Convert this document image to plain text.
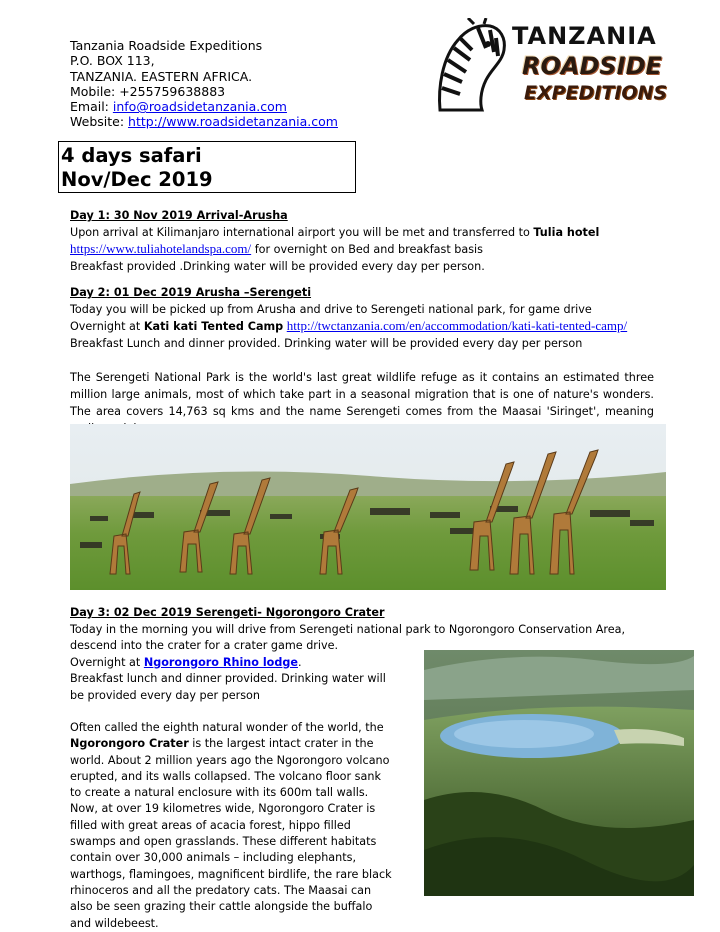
Tanzania Roadside Expeditions
P.O. BOX 113,
TANZANIA. EASTERN AFRICA.
Mobile: +255759638883
Email: info@roadsidetanzania.com
Website: http://www.roadsidetanzania.com
TANZANIA
ROADSIDE
EXPEDITIONS
4 days safari
Nov/Dec 2019
Day 1: 30 Nov 2019 Arrival-Arusha
Upon arrival at Kilimanjaro international airport you will be met and transferred to Tulia hotel
https://www.tuliahotelandspa.com/ for overnight on Bed and breakfast basis
Breakfast provided .Drinking water will be provided every day per person.
Day 2: 01 Dec 2019 Arusha –Serengeti
Today you will be picked up from Arusha and drive to Serengeti national park, for game drive
Overnight at Kati kati Tented Camp http://twctanzania.com/en/accommodation/kati-kati-tented-camp/
Breakfast Lunch and dinner provided. Drinking water will be provided every day per person
The Serengeti National Park is the world's last great wildlife refuge as it contains an estimated three million large animals, most of which take part in a seasonal migration that is one of nature's wonders. The area covers 14,763 sq kms and the name Serengeti comes from the Maasai 'Siringet', meaning
Day 3: 02 Dec 2019 Serengeti- Ngorongoro Crater
Today in the morning you will drive from Serengeti national park to Ngorongoro Conservation Area,
descend into the crater for a crater game drive.
Overnight at Ngorongoro Rhino lodge.
Breakfast lunch and dinner provided. Drinking water will be provided every day per person
Often called the eighth natural wonder of the world, the Ngorongoro Crater is the largest intact crater in the world. About 2 million years ago the Ngorongoro volcano erupted, and its walls collapsed. The volcano floor sank to create a natural enclosure with its 600m tall walls. Now, at over 19 kilometres wide, Ngorongoro Crater is filled with great areas of acacia forest, hippo filled swamps and open grasslands. These different habitats contain over 30,000 animals – including elephants, warthogs, flamingoes, magnificent birdlife, the rare black rhinoceros and all the predatory cats. The Maasai can also be seen grazing their cattle alongside the buffalo and wildebeest.
